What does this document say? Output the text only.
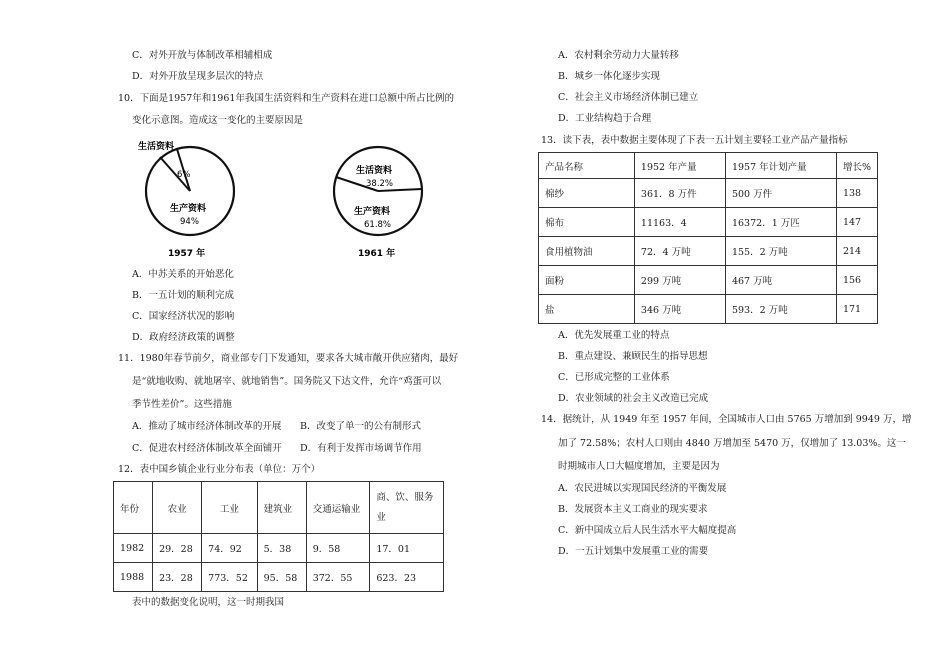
C．对外开放与体制改革相辅相成
D．对外开放呈现多层次的特点
10．下面是1957年和1961年我国生活资料和生产资料在进口总额中所占比例的
变化示意图。造成这一变化的主要原因是
生活资料
6%
生产资料
94%
1957 年
生活资料
38.2%
生产资料
61.8%
1961 年
A．中苏关系的开始恶化
B．一五计划的顺利完成
C．国家经济状况的影响
D．政府经济政策的调整
11．1980年春节前夕，商业部专门下发通知，要求各大城市敞开供应猪肉，最好
是“就地收购、就地屠宰、就地销售”。国务院又下达文件，允许“鸡蛋可以
季节性差价”。这些措施
A．推动了城市经济体制改革的开展 B．改变了单一的公有制形式
C．促进农村经济体制改革全面铺开 D．有利于发挥市场调节作用
12．表中国乡镇企业行业分布表（单位：万个）
年份	农业	工业	建筑业	交通运输业	商、饮、服务
业

1982	29．28	74．92	5．38	9．58	17．01
1988	23．28	773．52	95．58	372．55	623．23
表中的数据变化说明，这一时期我国
A．农村剩余劳动力大量转移
B．城乡一体化逐步实现
C．社会主义市场经济体制已建立
D．工业结构趋于合理
13．读下表，表中数据主要体现了下表一五计划主要轻工业产品产量指标
产品名称	1952 年产量	1957 年计划产量	增长%
棉纱	361．8 万件	500 万件	138
棉布	11163．4	16372．1 万匹	147
食用植物油	72．4 万吨	155．2 万吨	214
面粉	299 万吨	467 万吨	156
盐	346 万吨	593．2 万吨	171
A．优先发展重工业的特点
B．重点建设、兼顾民生的指导思想
C．已形成完整的工业体系
D．农业领域的社会主义改造已完成
14．据统计，从 1949 年至 1957 年间，全国城市人口由 5765 万增加到 9949 万，增
加了 72.58%；农村人口则由 4840 万增加至 5470 万，仅增加了 13.03%。这一
时期城市人口大幅度增加，主要是因为
A．农民进城以实现国民经济的平衡发展
B．发展资本主义工商业的现实要求
C．新中国成立后人民生活水平大幅度提高
D．一五计划集中发展重工业的需要
